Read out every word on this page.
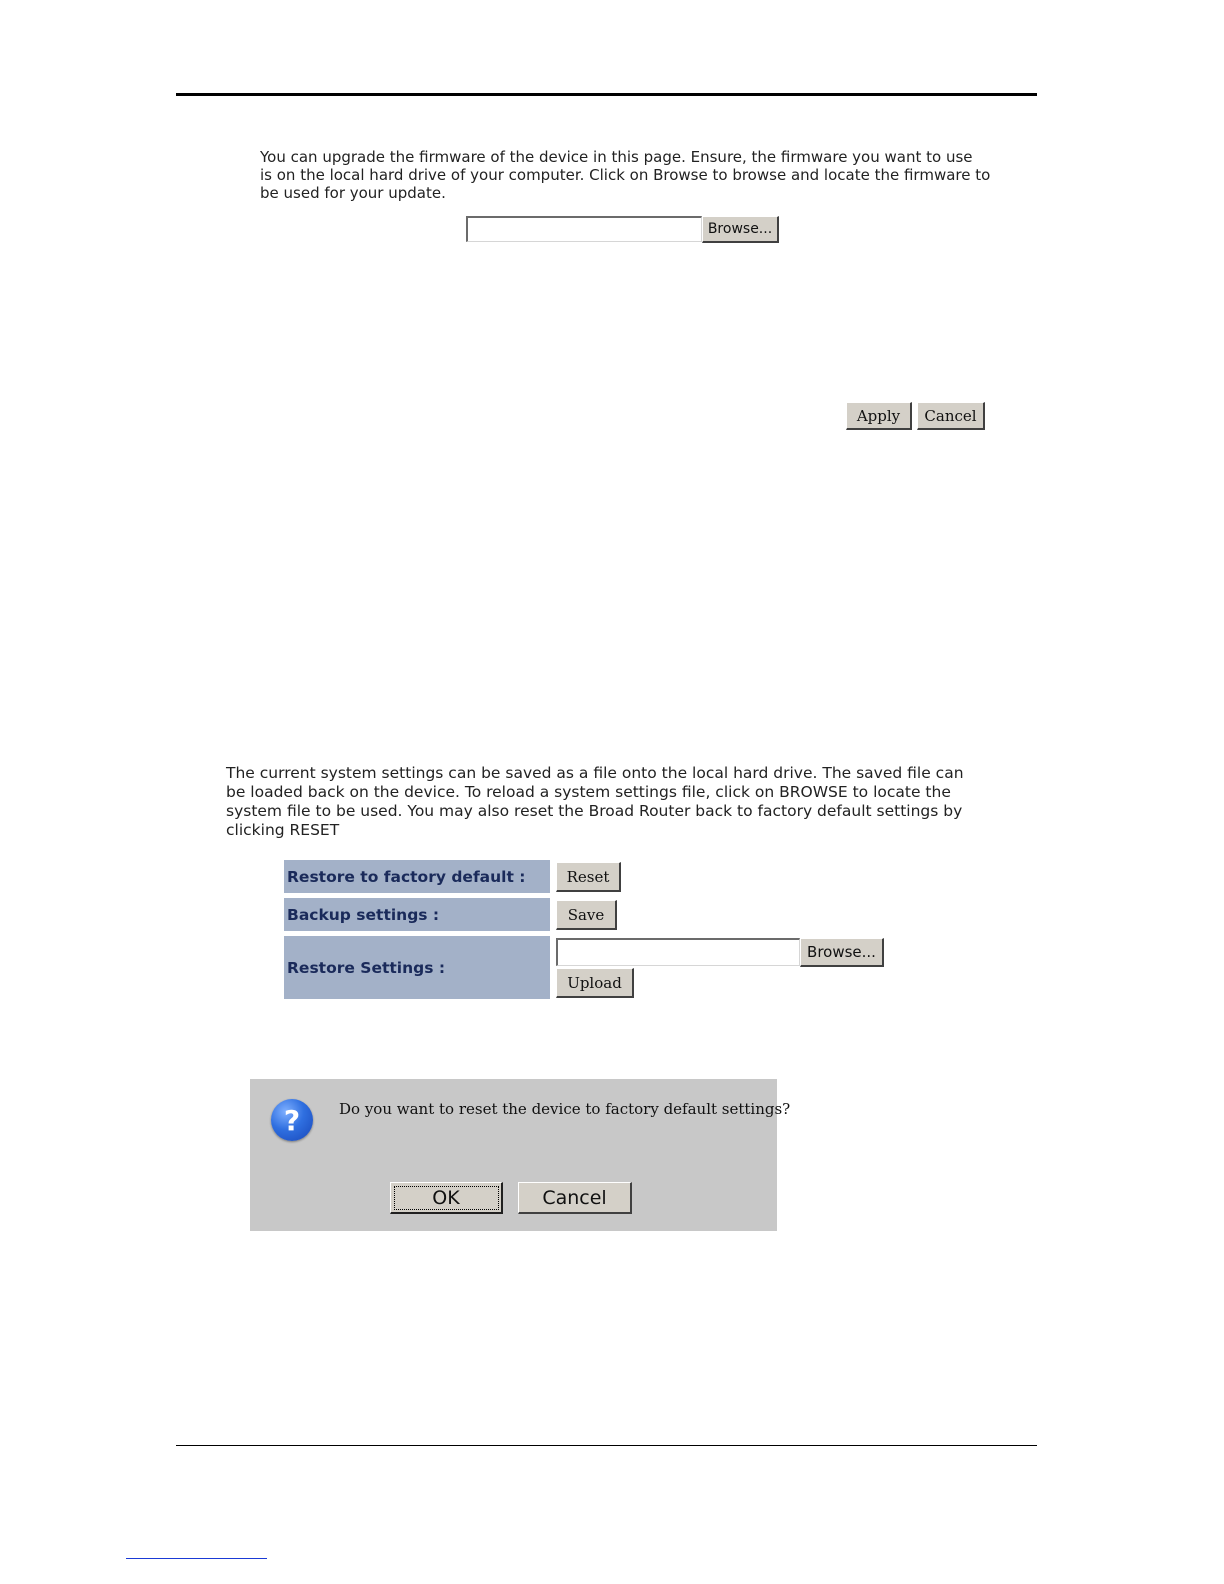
You can upgrade the firmware of the device in this page. Ensure, the firmware you want to use
is on the local hard drive of your computer. Click on Browse to browse and locate the firmware to
be used for your update.

Browse...
Apply	Cancel

The current system settings can be saved as a file onto the local hard drive. The saved file can
be loaded back on the device. To reload a system settings file, click on BROWSE to locate the
system file to be used. You may also reset the Broad Router back to factory default settings by
clicking RESET

Restore to factory default :	Reset
Backup settings :	Save
Restore Settings :
Browse...
Upload
?	Do you want to reset the device to factory default settings?
OK	Cancel
